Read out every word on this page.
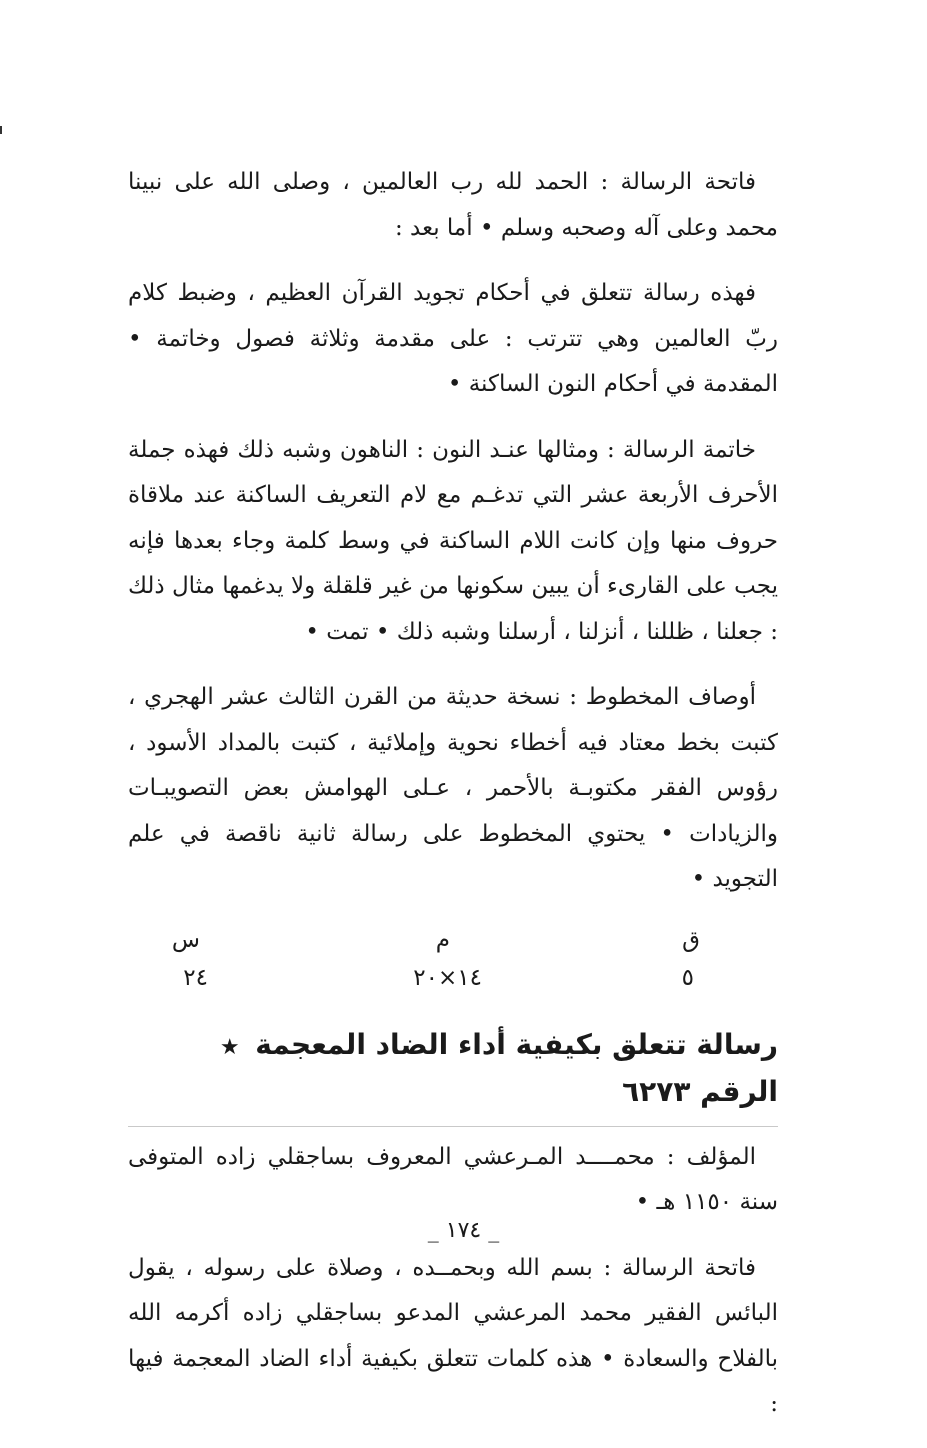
فاتحة الرسالة : الحمد لله رب العالمين ، وصلى الله على نبينا محمد وعلى آله وصحبه وسلم • أما بعد :

فهذه رسالة تتعلق في أحكام تجويد القرآن العظيم ، وضبط كلام ربّ العالمين وهي تترتب : على مقدمة وثلاثة فصول وخاتمة • المقدمة في أحكام النون الساكنة •

خاتمة الرسالة : ومثالها عنـد النون : الناهون وشبه ذلك فهذه جملة الأحرف الأربعة عشر التي تدغـم مع لام التعريف الساكنة عند ملاقاة حروف منها وإن كانت اللام الساكنة في وسط كلمة وجاء بعدها فإنه يجب على القارىء أن يبين سكونها من غير قلقلة ولا يدغمها مثال ذلك : جعلنا ، ظللنا ، أنزلنا ، أرسلنا وشبه ذلك • تمت •

أوصاف المخطوط : نسخة حديثة من القرن الثالث عشر الهجري ، كتبت بخط معتاد فيه أخطاء نحوية وإملائية ، كتبت بالمداد الأسود ، رؤوس الفقر مكتوبـة بالأحمر ، عـلى الهوامش بعض التصويبـات والزيادات • يحتوي المخطوط على رسالة ثانية ناقصة في علم التجويد •

ق
م
س
٥
١٤×٢٠
٢٤
رسالة تتعلق بكيفية أداء الضاد المعجمة ★ الرقم ٦٢٧٣

المؤلف : محمــــد المـرعشي المعروف بساجقلي زاده المتوفى سنة ١١٥٠ هـ •

فاتحة الرسالة : بسم الله وبحمــده ، وصلاة على رسوله ، يقول البائس الفقير محمد المرعشي المدعو بساجقلي زاده أكرمه الله بالفلاح والسعادة • هذه كلمات تتعلق بكيفية أداء الضاد المعجمة فيها :

_ ١٧٤ _
